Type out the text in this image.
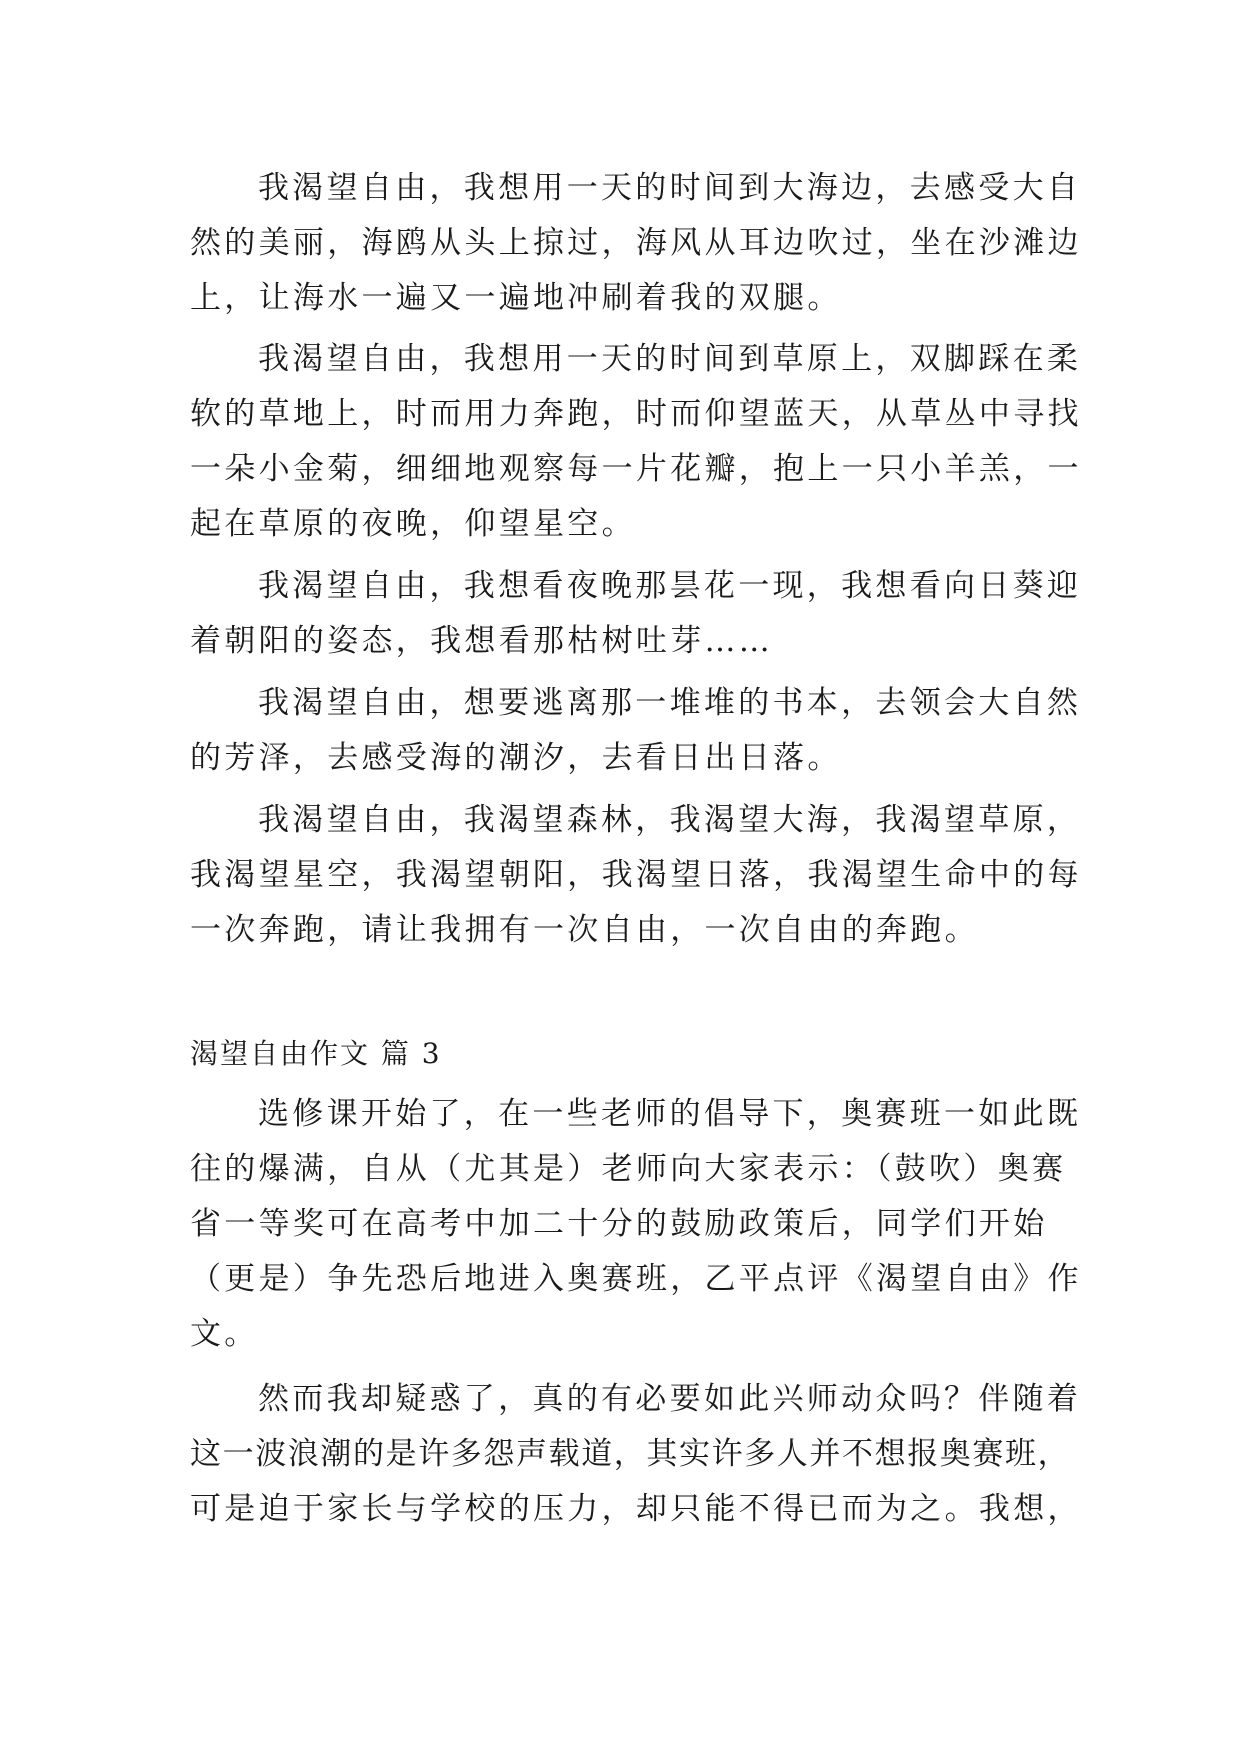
我渴望自由，我想用一天的时间到大海边，去感受大自

然的美丽，海鸥从头上掠过，海风从耳边吹过，坐在沙滩边

上，让海水一遍又一遍地冲刷着我的双腿。

我渴望自由，我想用一天的时间到草原上，双脚踩在柔

软的草地上，时而用力奔跑，时而仰望蓝天，从草丛中寻找

一朵小金菊，细细地观察每一片花瓣，抱上一只小羊羔，一

起在草原的夜晚，仰望星空。

我渴望自由，我想看夜晚那昙花一现，我想看向日葵迎

着朝阳的姿态，我想看那枯树吐芽……

我渴望自由，想要逃离那一堆堆的书本，去领会大自然

的芳泽，去感受海的潮汐，去看日出日落。

我渴望自由，我渴望森林，我渴望大海，我渴望草原，

我渴望星空，我渴望朝阳，我渴望日落，我渴望生命中的每

一次奔跑，请让我拥有一次自由，一次自由的奔跑。

渴望自由作文 篇 3

选修课开始了，在一些老师的倡导下，奥赛班一如此既

往的爆满，自从（尤其是）老师向大家表示：（鼓吹）奥赛

省一等奖可在高考中加二十分的鼓励政策后，同学们开始

（更是）争先恐后地进入奥赛班，乙平点评《渴望自由》作

文。

然而我却疑惑了，真的有必要如此兴师动众吗？伴随着

这一波浪潮的是许多怨声载道，其实许多人并不想报奥赛班，

可是迫于家长与学校的压力，却只能不得已而为之。我想，
